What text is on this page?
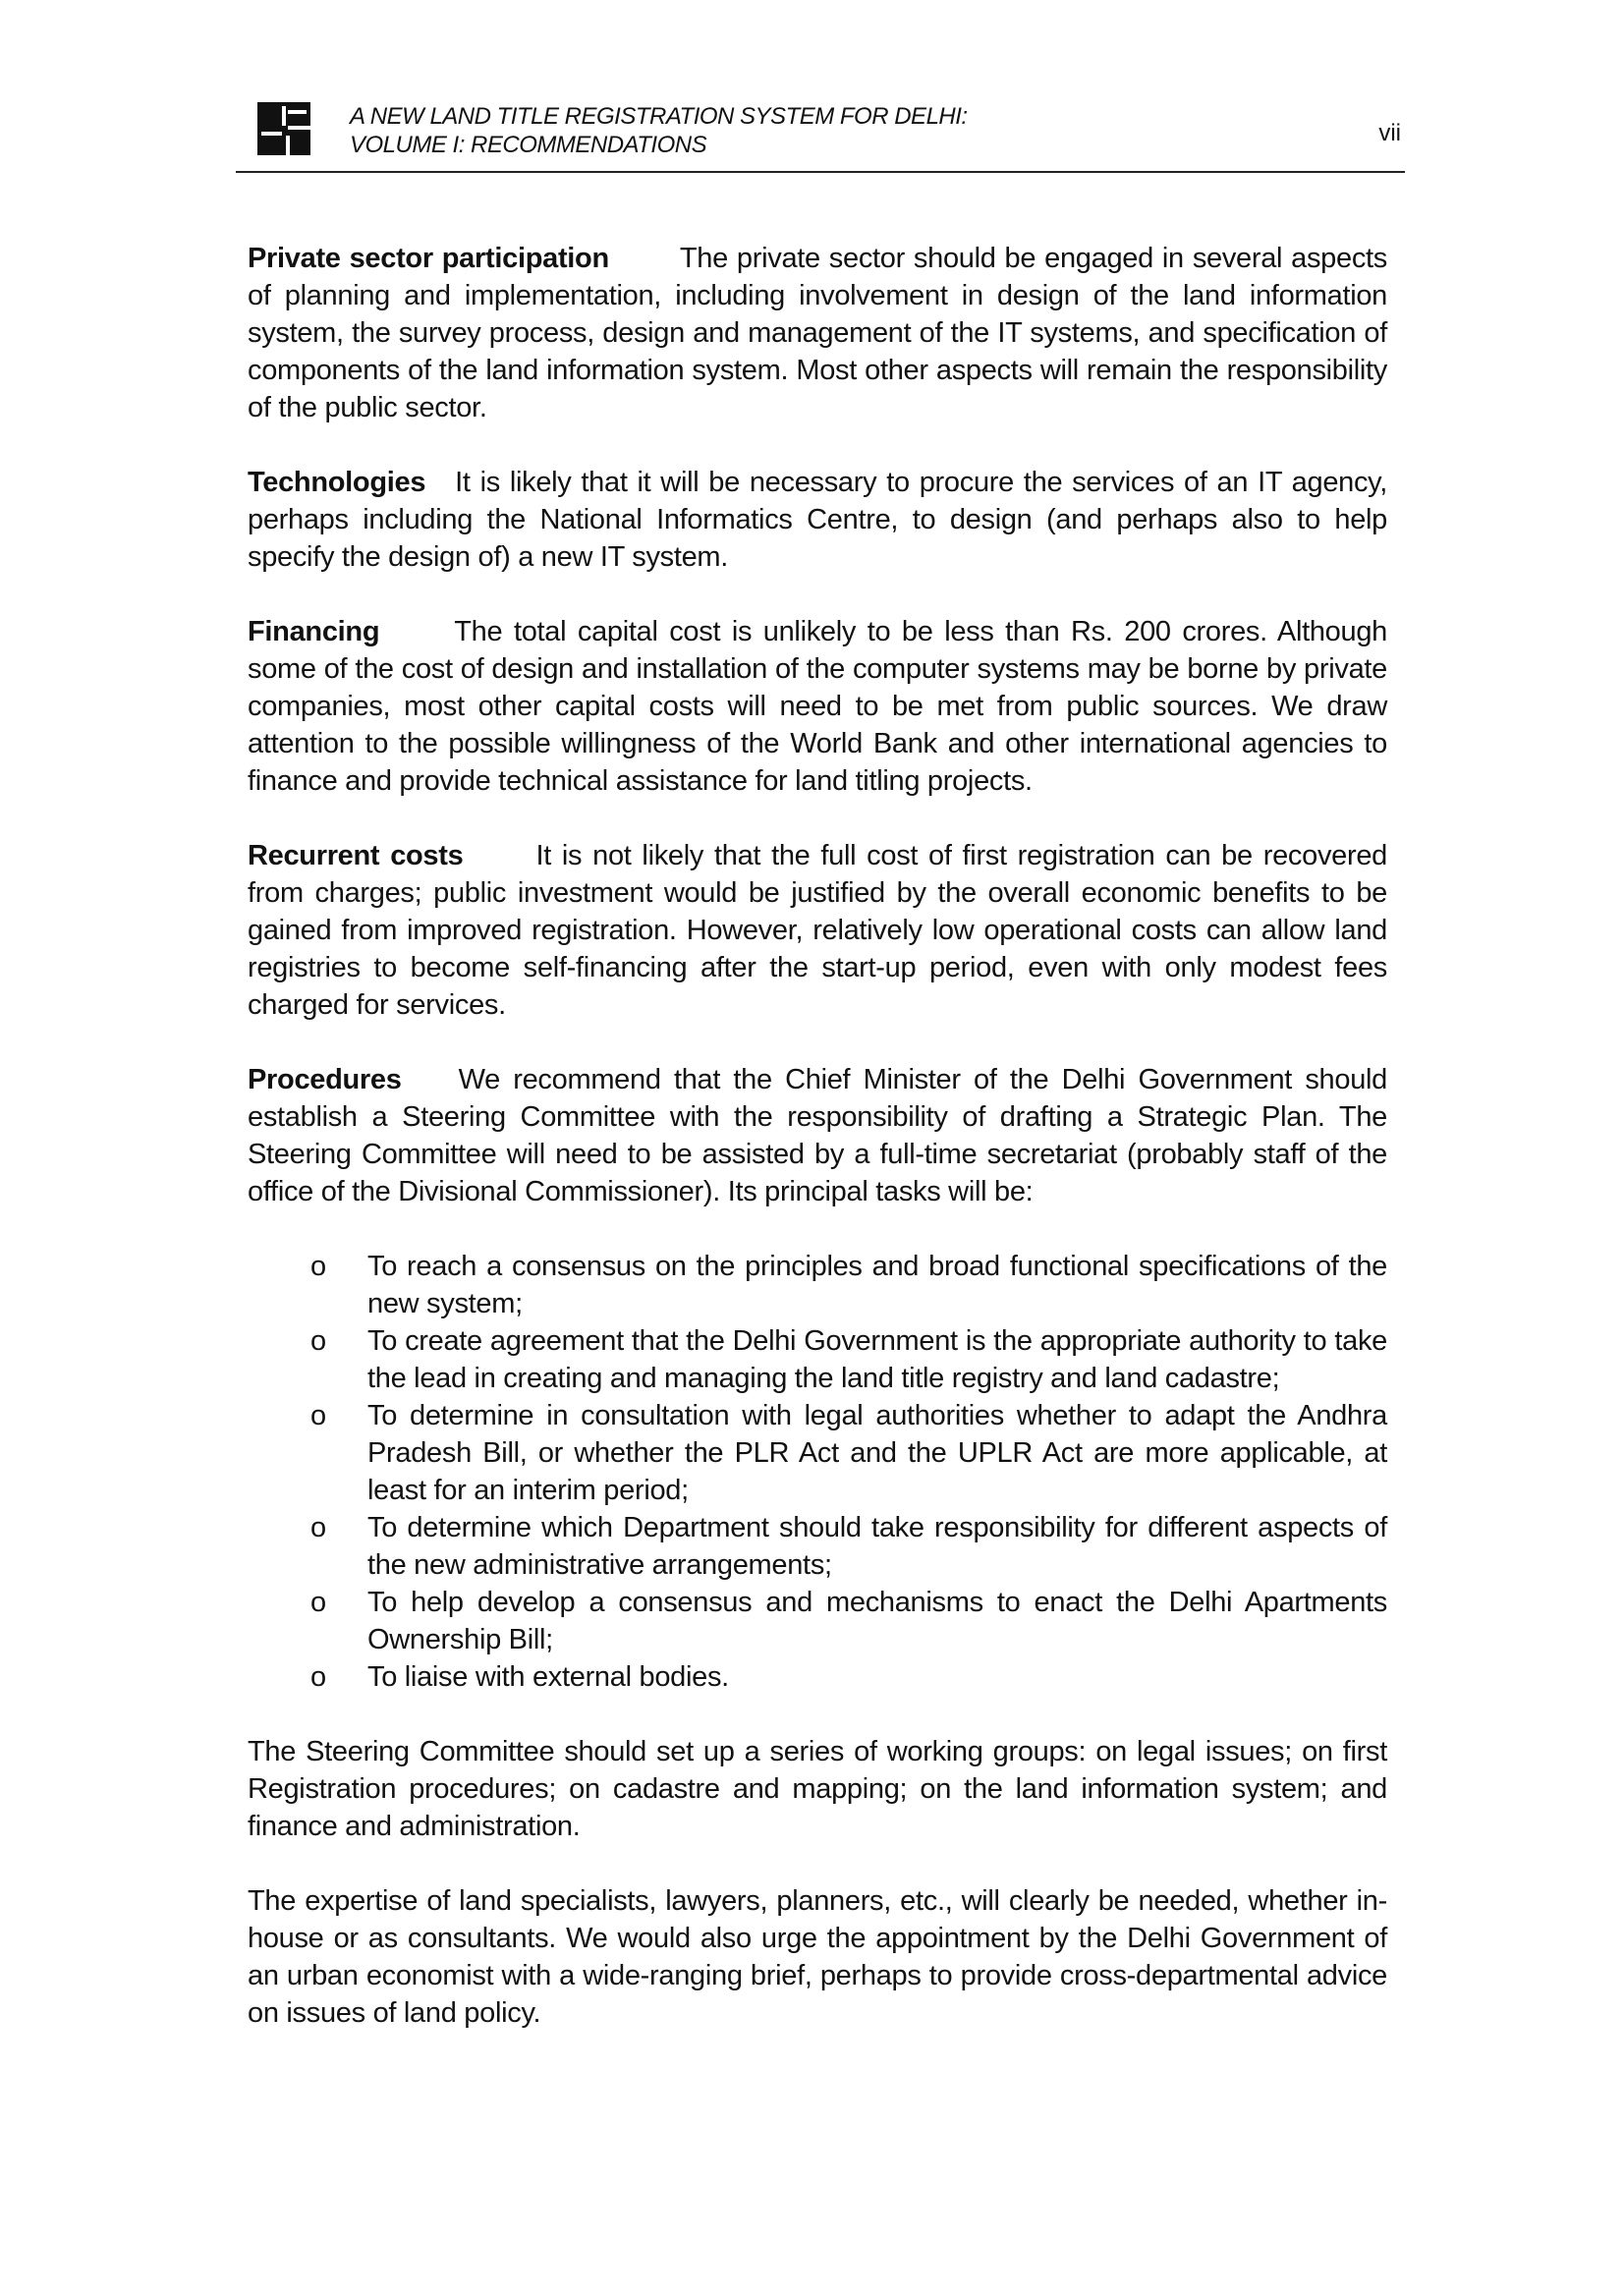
A NEW LAND TITLE REGISTRATION SYSTEM FOR DELHI:
VOLUME I: RECOMMENDATIONS	vii

Private sector participation The private sector should be engaged in several aspects of planning and implementation, including involvement in design of the land information system, the survey process, design and management of the IT systems, and specification of components of the land information system. Most other aspects will remain the responsibility of the public sector.

Technologies It is likely that it will be necessary to procure the services of an IT agency, perhaps including the National Informatics Centre, to design (and perhaps also to help specify the design of) a new IT system.

Financing	The total capital cost is unlikely to be less than Rs. 200 crores. Although some of the cost of design and installation of the computer systems may be borne by private companies, most other capital costs will need to be met from public sources. We draw attention to the possible willingness of the World Bank and other international agencies to finance and provide technical assistance for land titling projects.

Recurrent costs	It is not likely that the full cost of first registration can be recovered from charges; public investment would be justified by the overall economic benefits to be gained from improved registration. However, relatively low operational costs can allow land registries to become self-financing after the start-up period, even with only modest fees charged for services.

Procedures We recommend that the Chief Minister of the Delhi Government should establish a Steering Committee with the responsibility of drafting a Strategic Plan. The Steering Committee will need to be assisted by a full-time secretariat (probably staff of the office of the Divisional Commissioner). Its principal tasks will be:

o To reach a consensus on the principles and broad functional specifications of the new system;
o To create agreement that the Delhi Government is the appropriate authority to take the lead in creating and managing the land title registry and land cadastre;
o To determine in consultation with legal authorities whether to adapt the Andhra Pradesh Bill, or whether the PLR Act and the UPLR Act are more applicable, at least for an interim period;
o To determine which Department should take responsibility for different aspects of the new administrative arrangements;
o To help develop a consensus and mechanisms to enact the Delhi Apartments Ownership Bill;
o To liaise with external bodies.

The Steering Committee should set up a series of working groups: on legal issues; on first Registration procedures; on cadastre and mapping; on the land information system; and finance and administration.

The expertise of land specialists, lawyers, planners, etc., will clearly be needed, whether in-house or as consultants. We would also urge the appointment by the Delhi Government of an urban economist with a wide-ranging brief, perhaps to provide cross-departmental advice on issues of land policy.
